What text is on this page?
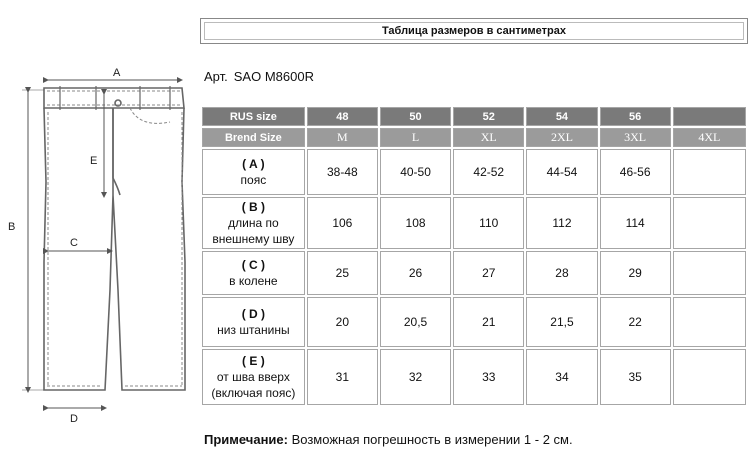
Таблица размеров в сантиметрах
Арт. SAO M8600R
A
B
C
D
E
RUS size	48	50	52	54	56	
Brend Size	M	L	XL	2XL	3XL	4XL

( A )
пояс	38-48	40-50	42-52	44-54	46-56	

( B )
длина по
внешнему шву	106	108	110	112	114	

( C )
в колене	25	26	27	28	29	

( D )
низ штанины	20	20,5	21	21,5	22	

( E )
от шва вверх
(включая пояс)	31	32	33	34	35	
Примечание: Возможная погрешность в измерении 1 - 2 см.
